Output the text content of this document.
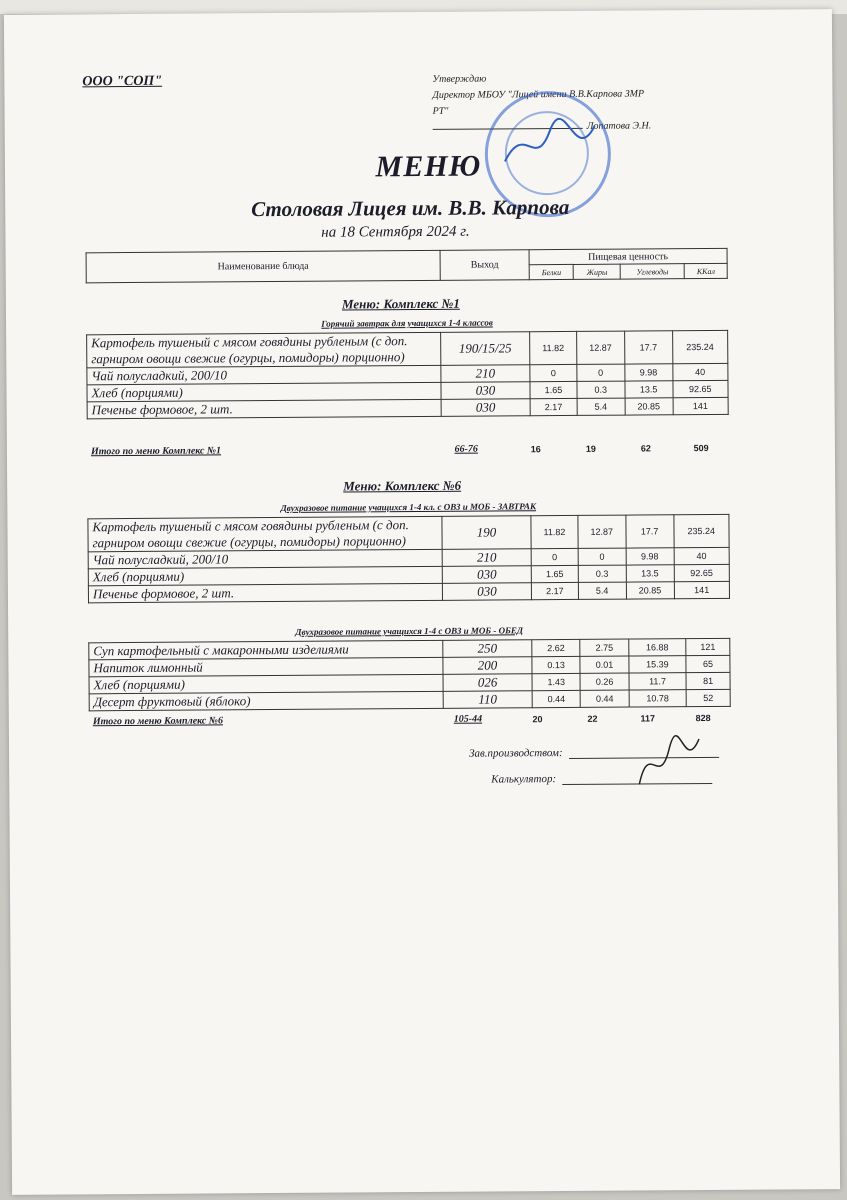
ООО "СОП"	Утверждаю
Директор МБОУ "Лицей имени В.В.Карпова ЗМР
РТ"
Лопатова Э.Н.
МЕНЮ
Столовая Лицея им. В.В. Карпова
на 18 Сентября 2024 г.
Наименование блюда	Выход	Пищевая ценность			
		Белки	Жиры	Углеводы	ККал
Меню: Комплекс №1
Горячий завтрак для учащихся 1-4 классов
Картофель тушеный с мясом говядины рубленым (с доп. гарниром овощи свежие (огурцы, помидоры) порционно)	190/15/25	11.82	12.87	17.7	235.24
Чай полусладкий, 200/10	210	0	0	9.98	40
Хлеб (порциями)	030	1.65	0.3	13.5	92.65
Печенье формовое, 2 шт.	030	2.17	5.4	20.85	141
Итого по меню Комплекс №1	66-76	16	19	62	509
Меню: Комплекс №6
Двухразовое питание учащихся 1-4 кл. с ОВЗ и МОБ - ЗАВТРАК
Картофель тушеный с мясом говядины рубленым (с доп. гарниром овощи свежие (огурцы, помидоры) порционно)	190	11.82	12.87	17.7	235.24
Чай полусладкий, 200/10	210	0	0	9.98	40
Хлеб (порциями)	030	1.65	0.3	13.5	92.65
Печенье формовое, 2 шт.	030	2.17	5.4	20.85	141
Двухразовое питание учащихся 1-4 с ОВЗ и МОБ - ОБЕД
Суп картофельный с макаронными изделиями	250	2.62	2.75	16.88	121
Напиток лимонный	200	0.13	0.01	15.39	65
Хлеб (порциями)	026	1.43	0.26	11.7	81
Десерт фруктовый (яблоко)	110	0.44	0.44	10.78	52
Итого по меню Комплекс №6	105-44	20	22	117	828
Зав.производством:
Калькулятор:
